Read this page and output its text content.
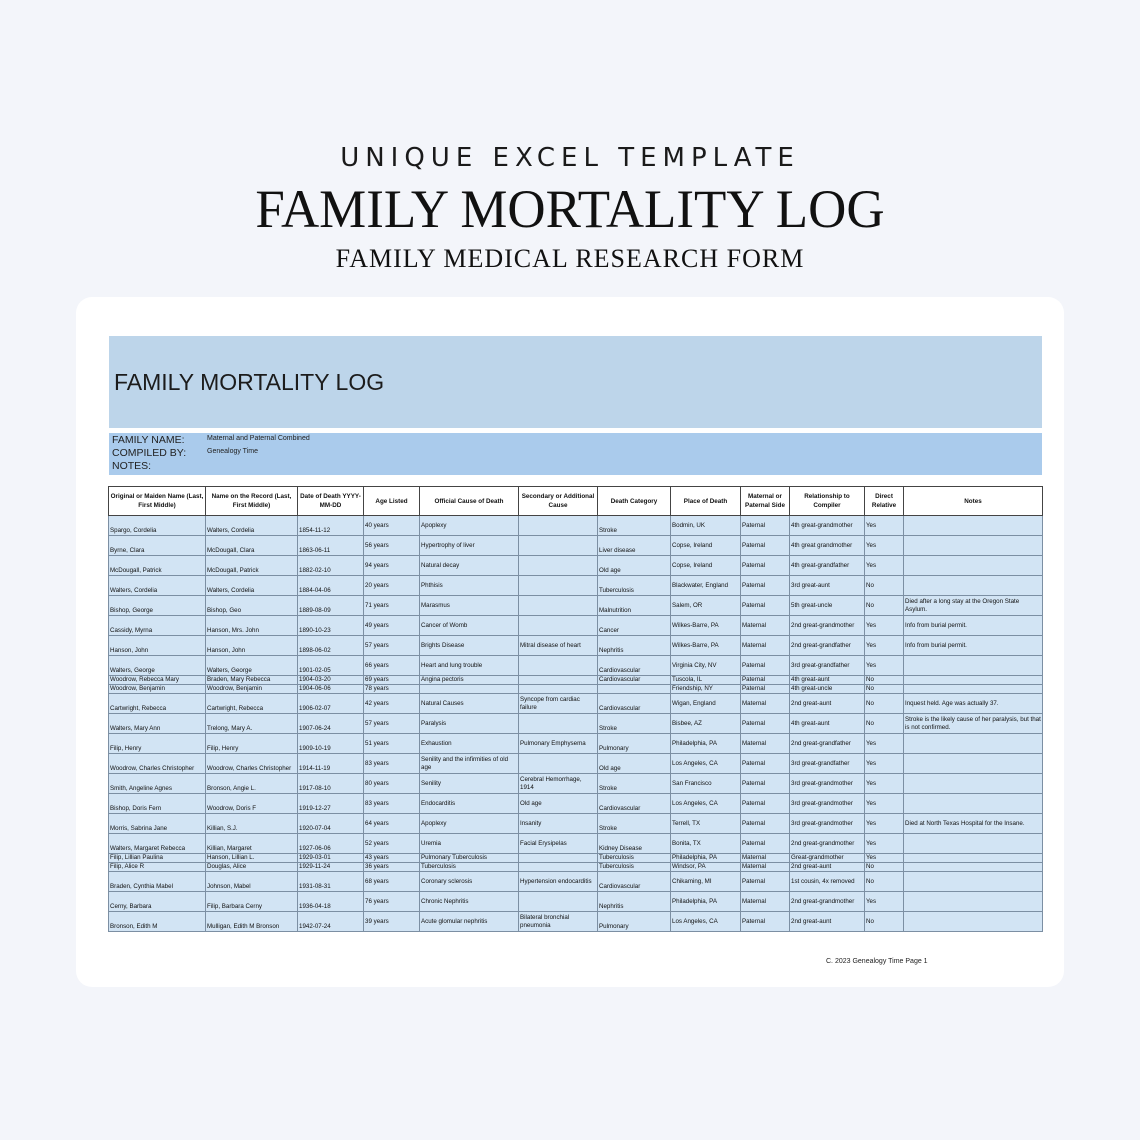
UNIQUE EXCEL TEMPLATE
FAMILY MORTALITY LOG
FAMILY MEDICAL RESEARCH FORM
FAMILY MORTALITY LOG
FAMILY NAME:	Maternal and Paternal Combined
COMPILED BY:	Genealogy Time
NOTES:
Original or Maiden Name (Last, First Middle)	Name on the Record (Last, First Middle)	Date of Death YYYY-MM-DD	Age Listed	Official Cause of Death	Secondary or Additional Cause	Death Category	Place of Death	Maternal or Paternal Side	Relationship to Compiler	Direct Relative	Notes
Spargo, Cordelia	Walters, Cordelia	1854-11-12	40 years	Apoplexy		Stroke	Bodmin, UK	Paternal	4th great-grandmother	Yes	
Byrne, Clara	McDougall, Clara	1863-06-11	56 years	Hypertrophy of liver		Liver disease	Copse, Ireland	Paternal	4th great grandmother	Yes	
McDougall, Patrick	McDougall, Patrick	1882-02-10	94 years	Natural decay		Old age	Copse, Ireland	Paternal	4th great-grandfather	Yes	
Walters, Cordelia	Walters, Cordelia	1884-04-06	20 years	Phthisis		Tuberculosis	Blackwater, England	Paternal	3rd great-aunt	No	
Bishop, George	Bishop, Geo	1889-08-09	71 years	Marasmus		Malnutrition	Salem, OR	Paternal	5th great-uncle	No	Died after a long stay at the Oregon State Asylum.
Cassidy, Myrna	Hanson, Mrs. John	1890-10-23	49 years	Cancer of Womb		Cancer	Wilkes-Barre, PA	Maternal	2nd great-grandmother	Yes	Info from burial permit.
Hanson, John	Hanson, John	1898-06-02	57 years	Brights Disease	Mitral disease of heart	Nephritis	Wilkes-Barre, PA	Maternal	2nd great-grandfather	Yes	Info from burial permit.
Walters, George	Walters, George	1901-02-05	66 years	Heart and lung trouble		Cardiovascular	Virginia City, NV	Paternal	3rd great-grandfather	Yes	
Woodrow, Rebecca Mary	Braden, Mary Rebecca	1904-03-20	69 years	Angina pectoris		Cardiovascular	Tuscola, IL	Paternal	4th great-aunt	No	
Woodrow, Benjamin	Woodrow, Benjamin	1904-06-06	78 years				Friendship, NY	Paternal	4th great-uncle	No	
Cartwright, Rebecca	Cartwright, Rebecca	1906-02-07	42 years	Natural Causes	Syncope from cardiac failure	Cardiovascular	Wigan, England	Maternal	2nd great-aunt	No	Inquest held. Age was actually 37.
Walters, Mary Ann	Trelong, Mary A.	1907-06-24	57 years	Paralysis		Stroke	Bisbee, AZ	Paternal	4th great-aunt	No	Stroke is the likely cause of her paralysis, but that is not confirmed.
Filip, Henry	Filip, Henry	1909-10-19	51 years	Exhaustion	Pulmonary Emphysema	Pulmonary	Philadelphia, PA	Maternal	2nd great-grandfather	Yes	
Woodrow, Charles Christopher	Woodrow, Charles Christopher	1914-11-19	83 years	Senility and the infirmities of old age		Old age	Los Angeles, CA	Paternal	3rd great-grandfather	Yes	
Smith, Angeline Agnes	Bronson, Angie L.	1917-08-10	80 years	Senility	Cerebral Hemorrhage, 1914	Stroke	San Francisco	Paternal	3rd great-grandmother	Yes	
Bishop, Doris Fern	Woodrow, Doris F	1919-12-27	83 years	Endocarditis	Old age	Cardiovascular	Los Angeles, CA	Paternal	3rd great-grandmother	Yes	
Morris, Sabrina Jane	Killian, S.J.	1920-07-04	64 years	Apoplexy	Insanity	Stroke	Terrell, TX	Paternal	3rd great-grandmother	Yes	Died at North Texas Hospital for the Insane.
Walters, Margaret Rebecca	Killian, Margaret	1927-06-06	52 years	Uremia	Facial Erysipelas	Kidney Disease	Bonita, TX	Paternal	2nd great-grandmother	Yes	
Filip, Lillian Paulina	Hanson, Lillian L.	1929-03-01	43 years	Pulmonary Tuberculosis		Tuberculosis	Philadelphia, PA	Maternal	Great-grandmother	Yes	
Filip, Alice R	Douglas, Alice	1929-11-24	36 years	Tuberculosis		Tuberculosis	Windsor, PA	Maternal	2nd great-aunt	No	
Braden, Cynthia Mabel	Johnson, Mabel	1931-08-31	68 years	Coronary sclerosis	Hypertension endocarditis	Cardiovascular	Chikaming, MI	Paternal	1st cousin, 4x removed	No	
Cerny, Barbara	Filip, Barbara Cerny	1936-04-18	76 years	Chronic Nephritis		Nephritis	Philadelphia, PA	Maternal	2nd great-grandmother	Yes	
Bronson, Edith M	Mulligan, Edith M Bronson	1942-07-24	39 years	Acute glomular nephritis	Bilateral bronchial pneumonia	Pulmonary	Los Angeles, CA	Paternal	2nd great-aunt	No	
C. 2023 Genealogy Time Page 1
